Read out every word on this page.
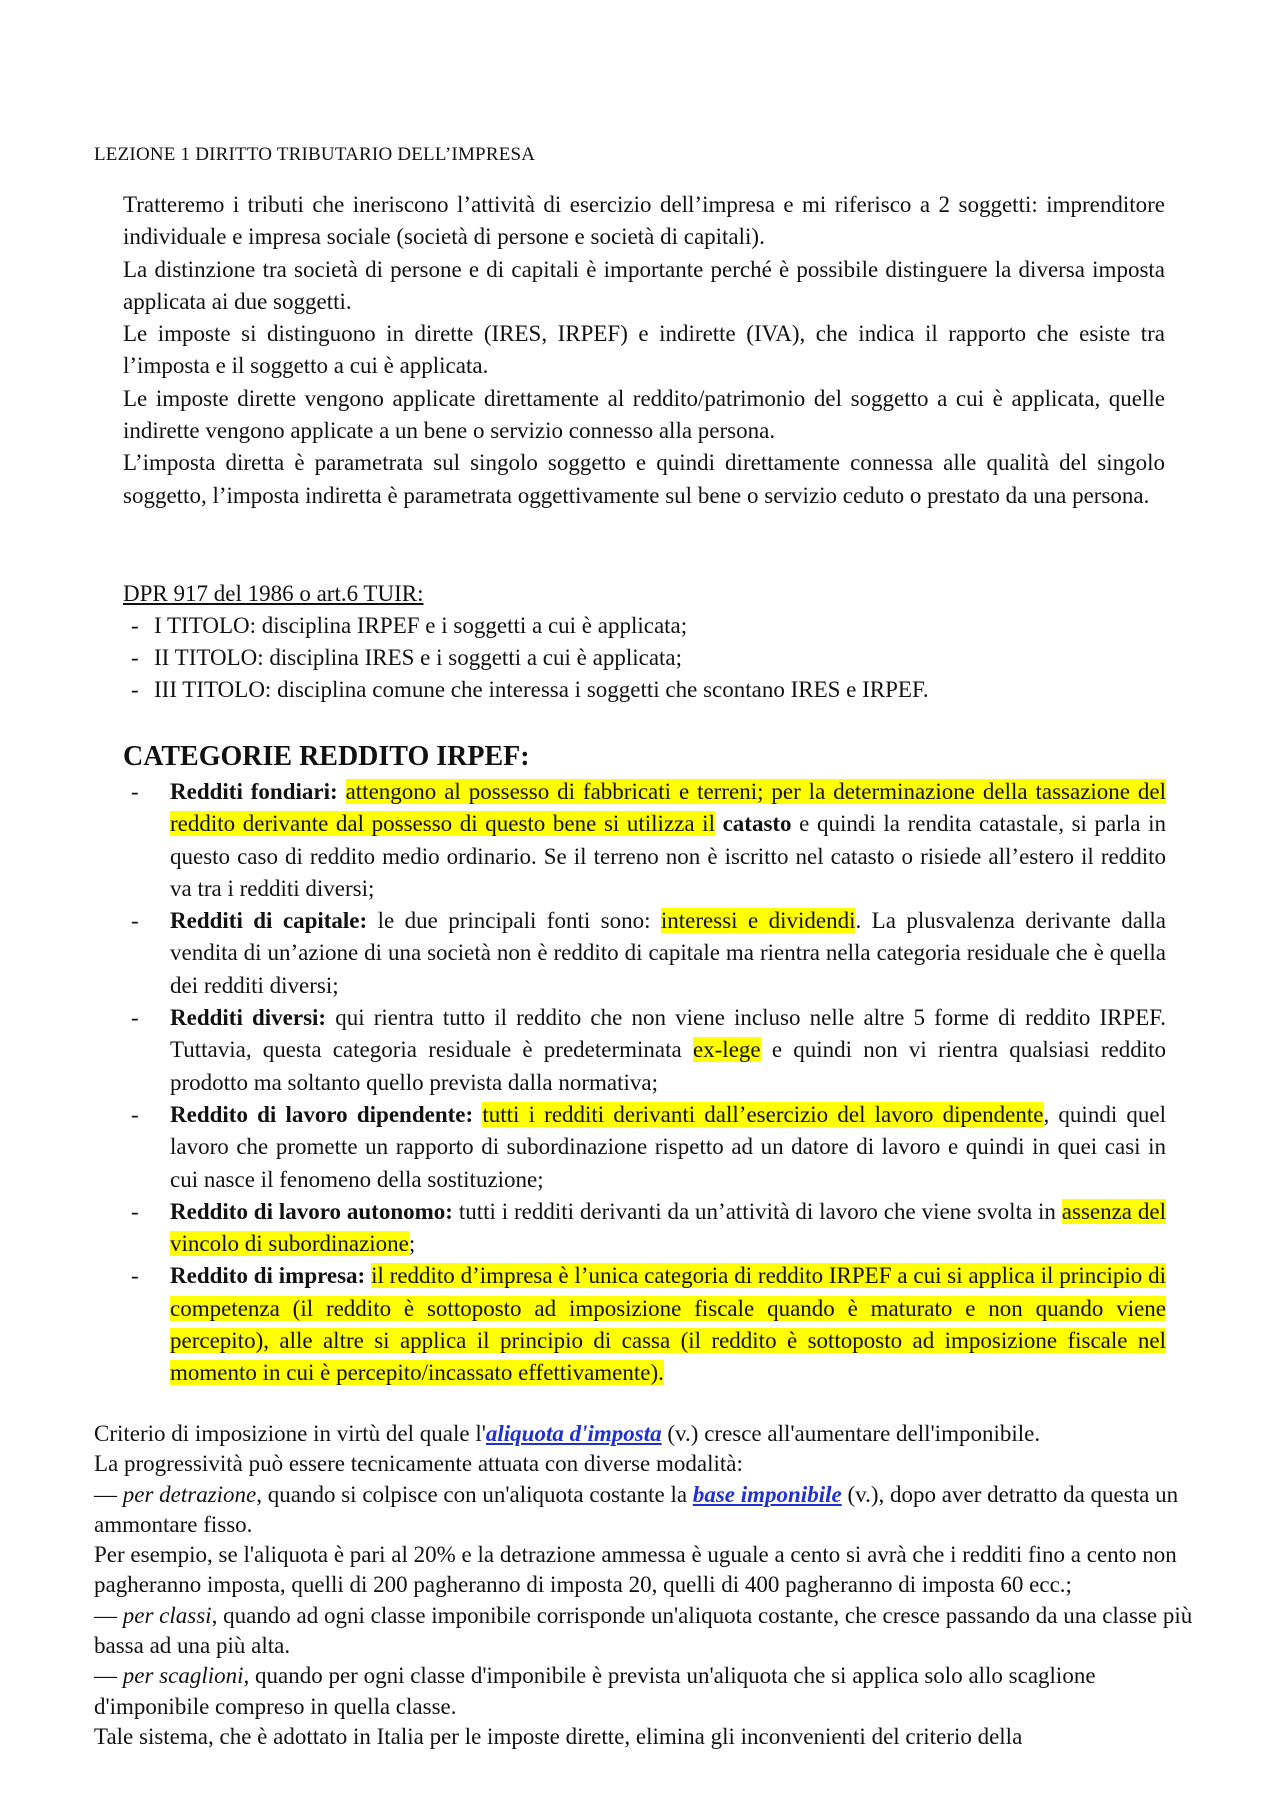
LEZIONE 1 DIRITTO TRIBUTARIO DELL’IMPRESA

Tratteremo i tributi che ineriscono l’attività di esercizio dell’impresa e mi riferisco a 2 soggetti: imprenditore individuale e impresa sociale (società di persone e società di capitali).

La distinzione tra società di persone e di capitali è importante perché è possibile distinguere la diversa imposta applicata ai due soggetti.

Le imposte si distinguono in dirette (IRES, IRPEF) e indirette (IVA), che indica il rapporto che esiste tra l’imposta e il soggetto a cui è applicata.

Le imposte dirette vengono applicate direttamente al reddito/patrimonio del soggetto a cui è applicata, quelle indirette vengono applicate a un bene o servizio connesso alla persona.

L’imposta diretta è parametrata sul singolo soggetto e quindi direttamente connessa alle qualità del singolo soggetto, l’imposta indiretta è parametrata oggettivamente sul bene o servizio ceduto o prestato da una persona.

DPR 917 del 1986 o art.6 TUIR:
- I TITOLO: disciplina IRPEF e i soggetti a cui è applicata;
- II TITOLO: disciplina IRES e i soggetti a cui è applicata;
- III TITOLO: disciplina comune che interessa i soggetti che scontano IRES e IRPEF.
CATEGORIE REDDITO IRPEF:
- Redditi fondiari: attengono al possesso di fabbricati e terreni; per la determinazione della tassazione del reddito derivante dal possesso di questo bene si utilizza il catasto e quindi la rendita catastale, si parla in questo caso di reddito medio ordinario. Se il terreno non è iscritto nel catasto o risiede all’estero il reddito va tra i redditi diversi;
- Redditi di capitale: le due principali fonti sono: interessi e dividendi. La plusvalenza derivante dalla vendita di un’azione di una società non è reddito di capitale ma rientra nella categoria residuale che è quella dei redditi diversi;
- Redditi diversi: qui rientra tutto il reddito che non viene incluso nelle altre 5 forme di reddito IRPEF. Tuttavia, questa categoria residuale è predeterminata ex-lege e quindi non vi rientra qualsiasi reddito prodotto ma soltanto quello prevista dalla normativa;
- Reddito di lavoro dipendente: tutti i redditi derivanti dall’esercizio del lavoro dipendente, quindi quel lavoro che promette un rapporto di subordinazione rispetto ad un datore di lavoro e quindi in quei casi in cui nasce il fenomeno della sostituzione;
- Reddito di lavoro autonomo: tutti i redditi derivanti da un’attività di lavoro che viene svolta in assenza del vincolo di subordinazione;
- Reddito di impresa: il reddito d’impresa è l’unica categoria di reddito IRPEF a cui si applica il principio di competenza (il reddito è sottoposto ad imposizione fiscale quando è maturato e non quando viene percepito), alle altre si applica il principio di cassa (il reddito è sottoposto ad imposizione fiscale nel momento in cui è percepito/incassato effettivamente).

Criterio di imposizione in virtù del quale l'aliquota d'imposta (v.) cresce all'aumentare dell'imponibile.

La progressività può essere tecnicamente attuata con diverse modalità:

— per detrazione, quando si colpisce con un'aliquota costante la base imponibile (v.), dopo aver detratto da questa un ammontare fisso.

Per esempio, se l'aliquota è pari al 20% e la detrazione ammessa è uguale a cento si avrà che i redditi fino a cento non pagheranno imposta, quelli di 200 pagheranno di imposta 20, quelli di 400 pagheranno di imposta 60 ecc.;

— per classi, quando ad ogni classe imponibile corrisponde un'aliquota costante, che cresce passando da una classe più bassa ad una più alta.

— per scaglioni, quando per ogni classe d'imponibile è prevista un'aliquota che si applica solo allo scaglione d'imponibile compreso in quella classe.

Tale sistema, che è adottato in Italia per le imposte dirette, elimina gli inconvenienti del criterio della
